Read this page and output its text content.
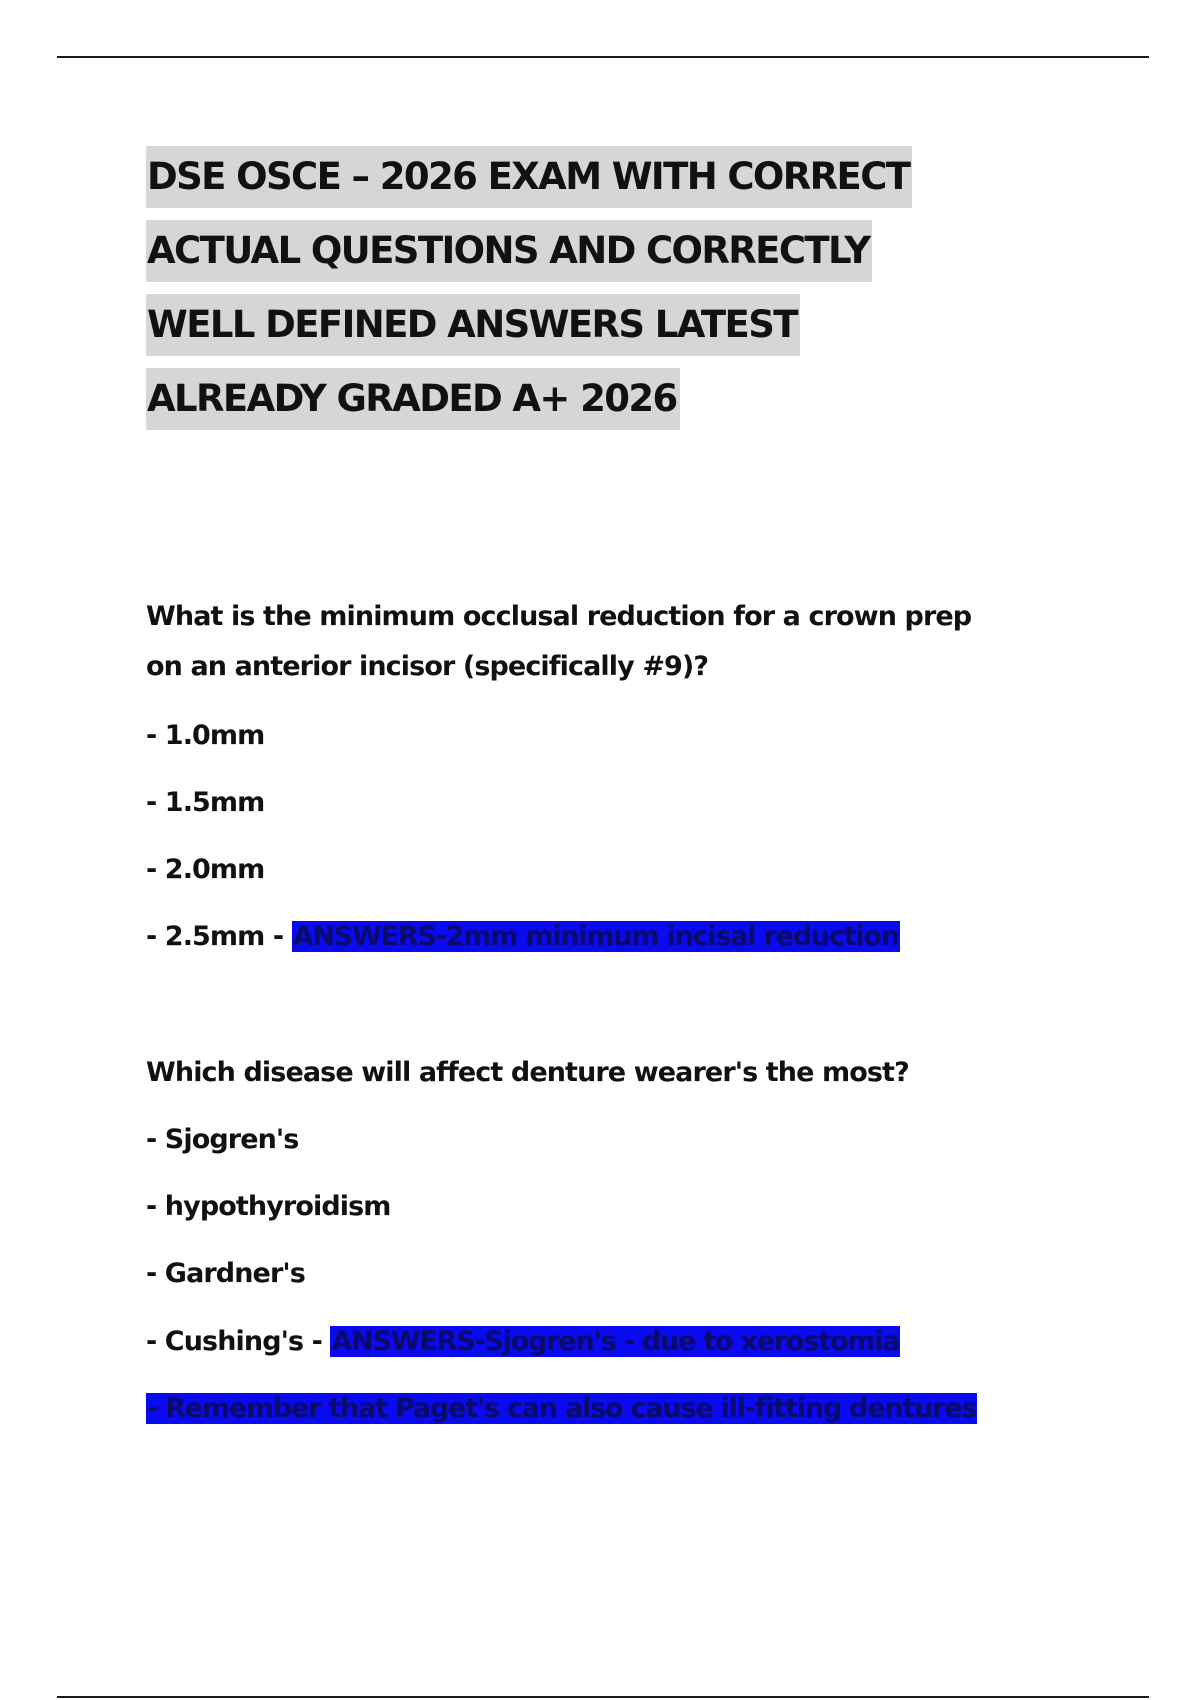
DSE OSCE – 2026 EXAM WITH CORRECT
ACTUAL QUESTIONS AND CORRECTLY
WELL DEFINED ANSWERS LATEST
ALREADY GRADED A+ 2026
What is the minimum occlusal reduction for a crown prep
on an anterior incisor (specifically #9)?
- 1.0mm
- 1.5mm
- 2.0mm
- 2.5mm - ANSWERS-2mm minimum incisal reduction
Which disease will affect denture wearer's the most?
- Sjogren's
- hypothyroidism
- Gardner's
- Cushing's - ANSWERS-Sjogren's - due to xerostomia
- Remember that Paget's can also cause ill-fitting dentures
